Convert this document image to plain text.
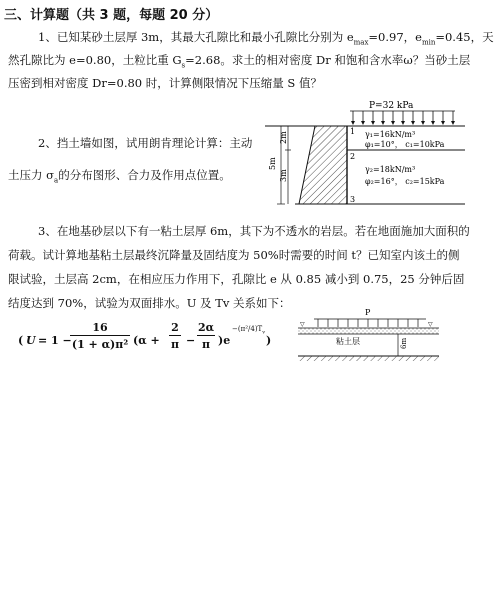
三、计算题（共 3 题，每题 20 分）
1、已知某砂土层厚 3m，其最大孔隙比和最小孔隙比分别为 $e_{max}=0.97$，$e_{min}=0.45$，天
然孔隙比为 e=0.80，土粒比重 $G_s=2.68$。求土的相对密度 Dr 和饱和含水率ω？当砂土层
压密到相对密度 Dr=0.80 时，计算侧限情况下压缩量 S 值？
2、挡土墙如图，试用朗肯理论计算：主动
土压力 $\sigma_a$的分布图形、合力及作用点位置。
P=32 kPa
5m
2m
3m
1
2
3
γ₁=16kN/m³
φ₁=10°， c₁=10kPa
γ₂=18kN/m³
φ₂=16°， c₂=15kPa
3、在地基砂层以下有一粘土层厚 6m，其下为不透水的岩层。若在地面施加大面积的
荷载。试计算地基粘土层最终沉降量及固结度为 50%时需要的时间 t？已知室内该土的侧
限试验，土层高 2cm，在相应压力作用下，孔隙比 e 从 0.85 减小到 0.75，25 分钟后固
结度达到 70%，试验为双面排水。U 及 Tv 关系如下：
( U = 1 −
$\frac{16}{\text{(1 + α)π²}} (\alpha$ +
2
π −
2α
π )e
$-(\pi^2/4)T_v$
)
P
▽	▽
粘土层	6m
